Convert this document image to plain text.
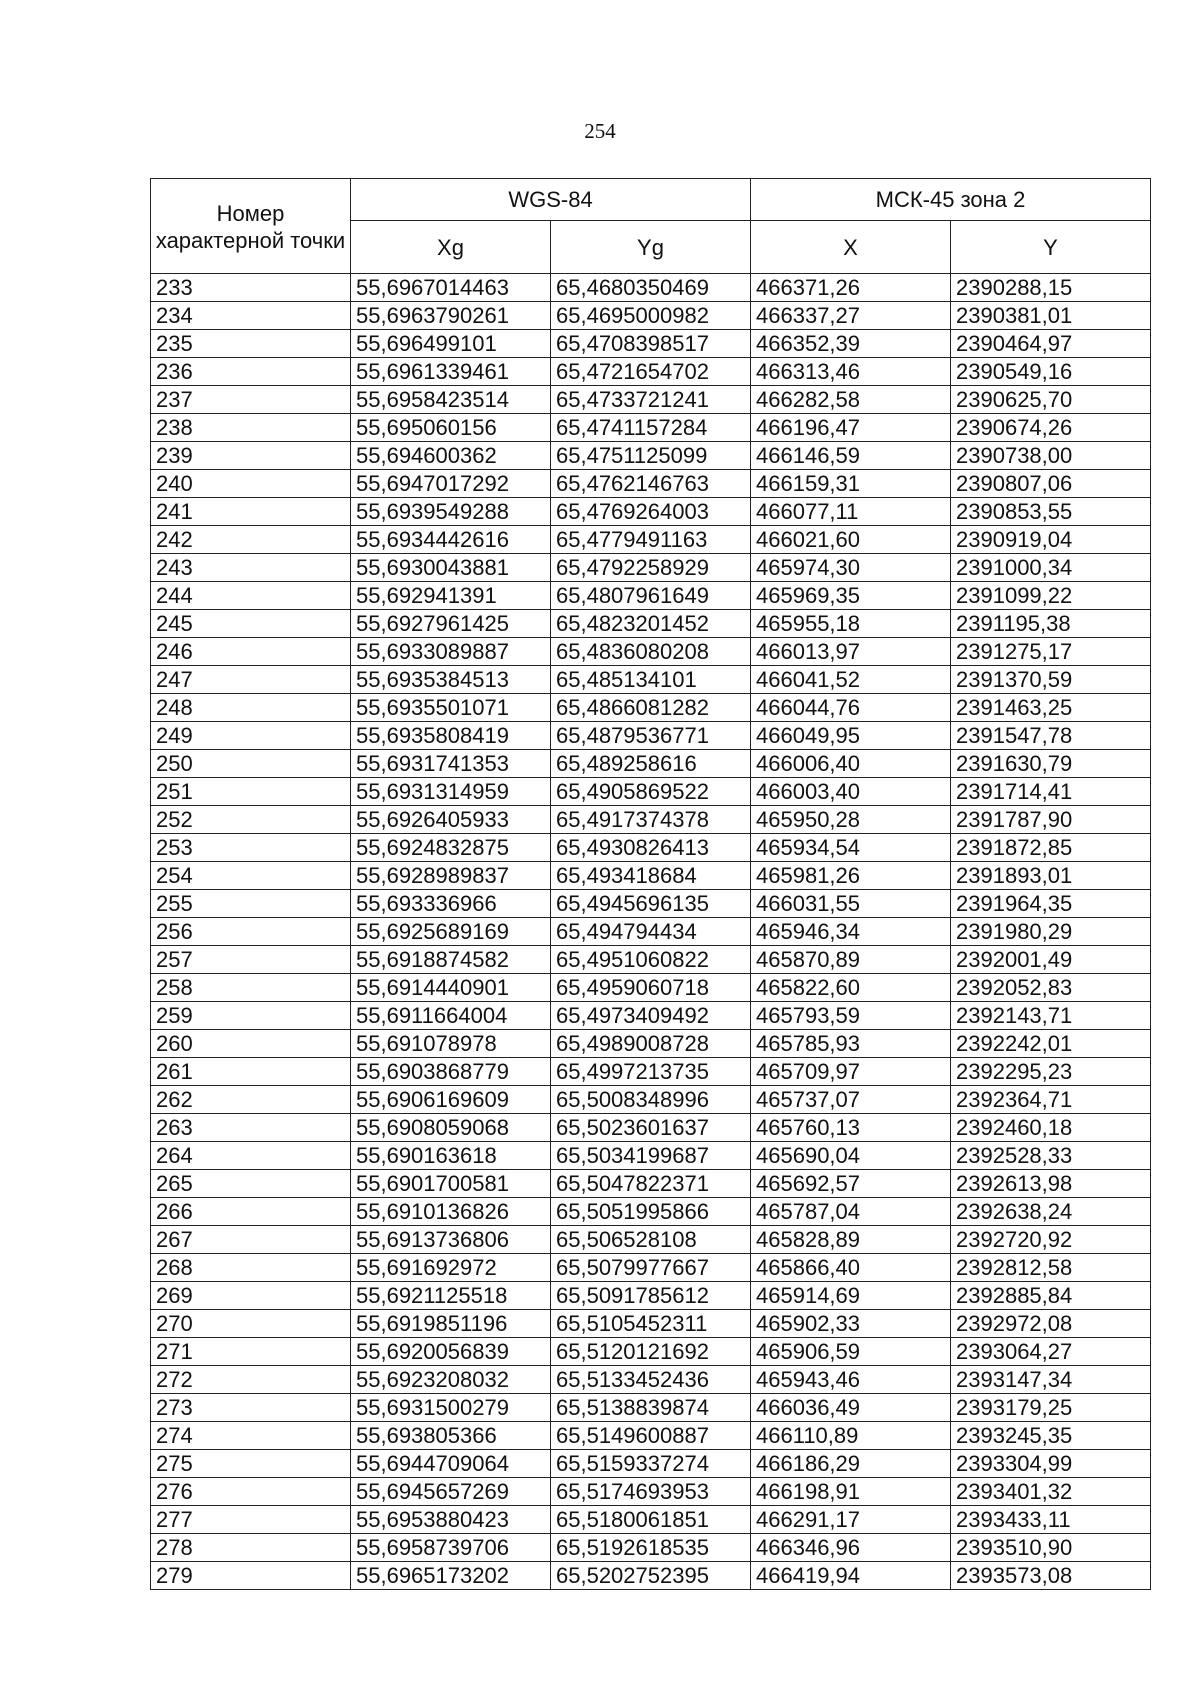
254
Номер характерной точки	WGS-84		МСК-45 зона 2	
	Xg	Yg	X	Y
233	55,6967014463	65,4680350469	466371,26	2390288,15
234	55,6963790261	65,4695000982	466337,27	2390381,01
235	55,696499101	65,4708398517	466352,39	2390464,97
236	55,6961339461	65,4721654702	466313,46	2390549,16
237	55,6958423514	65,4733721241	466282,58	2390625,70
238	55,695060156	65,4741157284	466196,47	2390674,26
239	55,694600362	65,4751125099	466146,59	2390738,00
240	55,6947017292	65,4762146763	466159,31	2390807,06
241	55,6939549288	65,4769264003	466077,11	2390853,55
242	55,6934442616	65,4779491163	466021,60	2390919,04
243	55,6930043881	65,4792258929	465974,30	2391000,34
244	55,692941391	65,4807961649	465969,35	2391099,22
245	55,6927961425	65,4823201452	465955,18	2391195,38
246	55,6933089887	65,4836080208	466013,97	2391275,17
247	55,6935384513	65,485134101	466041,52	2391370,59
248	55,6935501071	65,4866081282	466044,76	2391463,25
249	55,6935808419	65,4879536771	466049,95	2391547,78
250	55,6931741353	65,489258616	466006,40	2391630,79
251	55,6931314959	65,4905869522	466003,40	2391714,41
252	55,6926405933	65,4917374378	465950,28	2391787,90
253	55,6924832875	65,4930826413	465934,54	2391872,85
254	55,6928989837	65,493418684	465981,26	2391893,01
255	55,693336966	65,4945696135	466031,55	2391964,35
256	55,6925689169	65,494794434	465946,34	2391980,29
257	55,6918874582	65,4951060822	465870,89	2392001,49
258	55,6914440901	65,4959060718	465822,60	2392052,83
259	55,6911664004	65,4973409492	465793,59	2392143,71
260	55,691078978	65,4989008728	465785,93	2392242,01
261	55,6903868779	65,4997213735	465709,97	2392295,23
262	55,6906169609	65,5008348996	465737,07	2392364,71
263	55,6908059068	65,5023601637	465760,13	2392460,18
264	55,690163618	65,5034199687	465690,04	2392528,33
265	55,6901700581	65,5047822371	465692,57	2392613,98
266	55,6910136826	65,5051995866	465787,04	2392638,24
267	55,6913736806	65,506528108	465828,89	2392720,92
268	55,691692972	65,5079977667	465866,40	2392812,58
269	55,6921125518	65,5091785612	465914,69	2392885,84
270	55,6919851196	65,5105452311	465902,33	2392972,08
271	55,6920056839	65,5120121692	465906,59	2393064,27
272	55,6923208032	65,5133452436	465943,46	2393147,34
273	55,6931500279	65,5138839874	466036,49	2393179,25
274	55,693805366	65,5149600887	466110,89	2393245,35
275	55,6944709064	65,5159337274	466186,29	2393304,99
276	55,6945657269	65,5174693953	466198,91	2393401,32
277	55,6953880423	65,5180061851	466291,17	2393433,11
278	55,6958739706	65,5192618535	466346,96	2393510,90
279	55,6965173202	65,5202752395	466419,94	2393573,08
